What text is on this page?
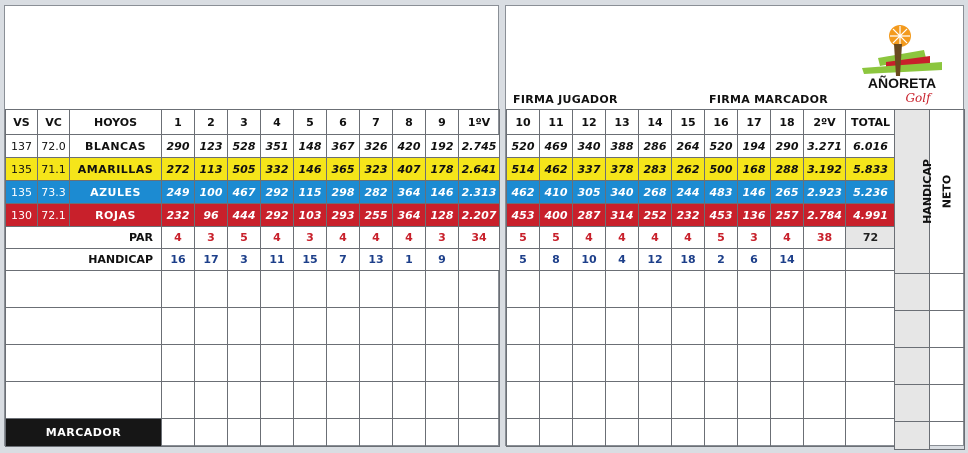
VS	VC	HOYOS	1	2	3	4	5	6	7	8	9	1ºV
137	72.0	BLANCAS	290	123	528	351	148	367	326	420	192	2.745
135	71.1	AMARILLAS	272	113	505	332	146	365	323	407	178	2.641
135	73.3	AZULES	249	100	467	292	115	298	282	364	146	2.313
130	72.1	ROJAS	232	96	444	292	103	293	255	364	128	2.207
PAR			4	3	5	4	3	4	4	4	3	34
HANDICAP			16	17	3	11	15	7	13	1	9	

MARCADOR												
FIRMA JUGADOR	FIRMA MARCADOR
AÑORETA
Golf
10	11	12	13	14	15	16	17	18	2ºV	TOTAL
520	469	340	388	286	264	520	194	290	3.271	6.016
514	462	337	378	283	262	500	168	288	3.192	5.833
462	410	305	340	268	244	483	146	265	2.923	5.236
453	400	287	314	252	232	453	136	257	2.784	4.991
5	5	4	4	4	4	5	3	4	38	72
5	8	10	4	12	18	2	6	14		

HANDICAP	NETO
